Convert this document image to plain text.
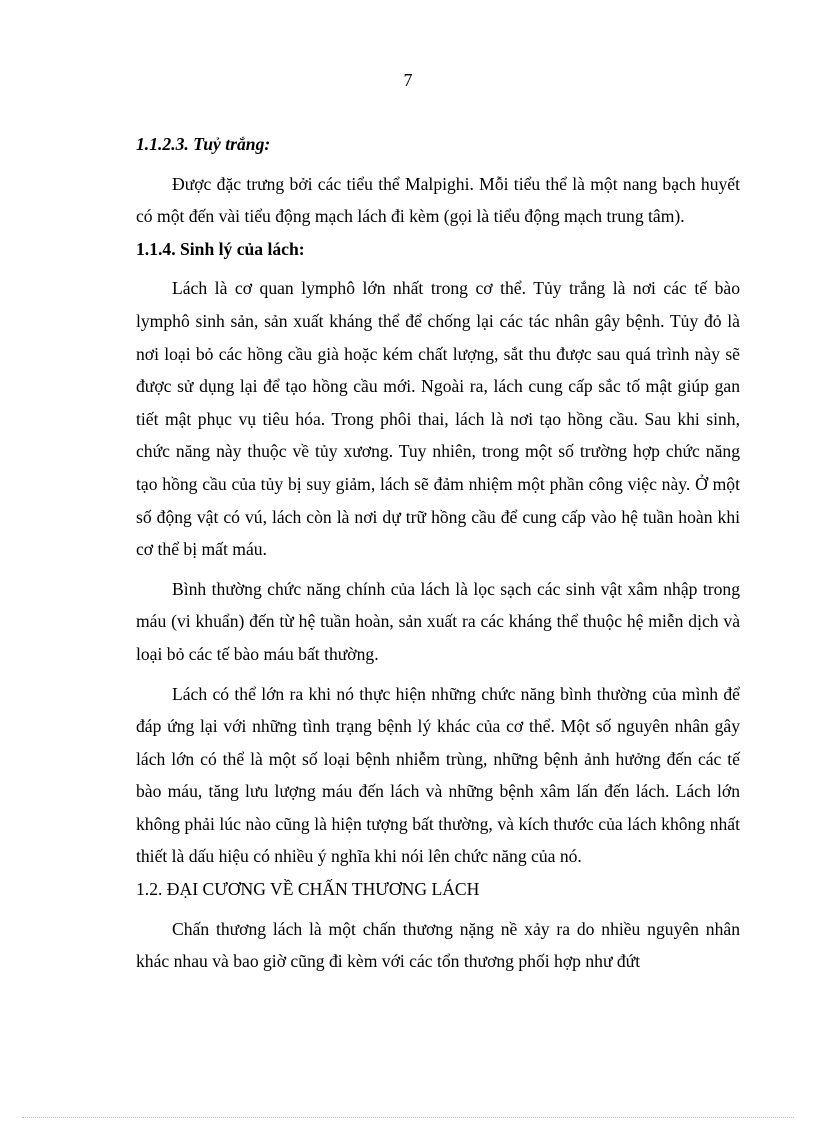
7
1.1.2.3. Tuỷ trắng:

Được đặc trưng bởi các tiểu thể Malpighi. Mỗi tiểu thể là một nang bạch huyết có một đến vài tiểu động mạch lách đi kèm (gọi là tiểu động mạch trung tâm).

1.1.4. Sinh lý của lách:

Lách là cơ quan lymphô lớn nhất trong cơ thể. Tủy trắng là nơi các tế bào lymphô sinh sản, sản xuất kháng thể để chống lại các tác nhân gây bệnh. Tủy đỏ là nơi loại bỏ các hồng cầu già hoặc kém chất lượng, sắt thu được sau quá trình này sẽ được sử dụng lại để tạo hồng cầu mới. Ngoài ra, lách cung cấp sắc tố mật giúp gan tiết mật phục vụ tiêu hóa. Trong phôi thai, lách là nơi tạo hồng cầu. Sau khi sinh, chức năng này thuộc về tủy xương. Tuy nhiên, trong một số trường hợp chức năng tạo hồng cầu của tủy bị suy giảm, lách sẽ đảm nhiệm một phần công việc này. Ở một số động vật có vú, lách còn là nơi dự trữ hồng cầu để cung cấp vào hệ tuần hoàn khi cơ thể bị mất máu.

Bình thường chức năng chính của lách là lọc sạch các sinh vật xâm nhập trong máu (vi khuẩn) đến từ hệ tuần hoàn, sản xuất ra các kháng thể thuộc hệ miễn dịch và loại bỏ các tế bào máu bất thường.

Lách có thể lớn ra khi nó thực hiện những chức năng bình thường của mình để đáp ứng lại với những tình trạng bệnh lý khác của cơ thể. Một số nguyên nhân gây lách lớn có thể là một số loại bệnh nhiễm trùng, những bệnh ảnh hưởng đến các tế bào máu, tăng lưu lượng máu đến lách và những bệnh xâm lấn đến lách. Lách lớn không phải lúc nào cũng là hiện tượng bất thường, và kích thước của lách không nhất thiết là dấu hiệu có nhiều ý nghĩa khi nói lên chức năng của nó.

1.2. ĐẠI CƯƠNG VỀ CHẤN THƯƠNG LÁCH

Chấn thương lách là một chấn thương nặng nề xảy ra do nhiều nguyên nhân khác nhau và bao giờ cũng đi kèm với các tổn thương phối hợp như đứt
